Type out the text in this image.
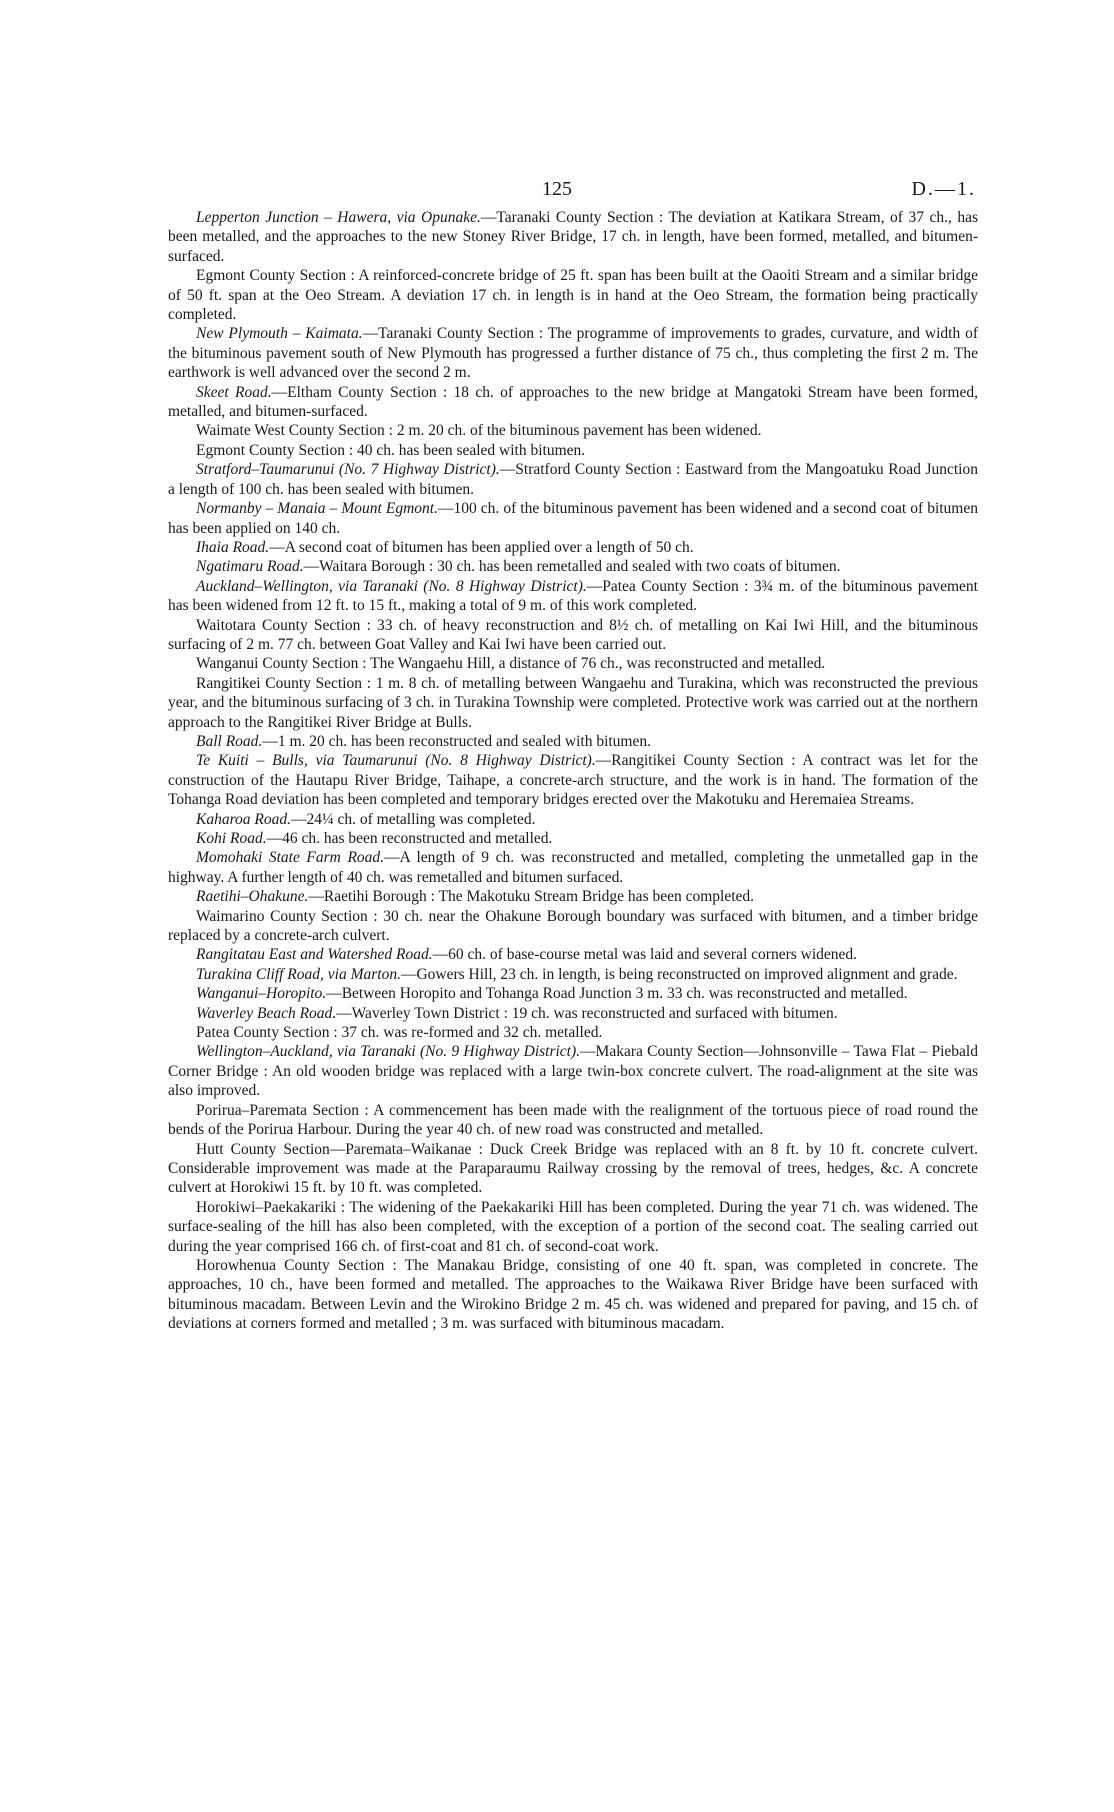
125	D.—1.

Lepperton Junction – Hawera, via Opunake.—Taranaki County Section : The deviation at Katikara Stream, of 37 ch., has been metalled, and the approaches to the new Stoney River Bridge, 17 ch. in length, have been formed, metalled, and bitumen-surfaced.

Egmont County Section : A reinforced-concrete bridge of 25 ft. span has been built at the Oaoiti Stream and a similar bridge of 50 ft. span at the Oeo Stream. A deviation 17 ch. in length is in hand at the Oeo Stream, the formation being practically completed.

New Plymouth – Kaimata.—Taranaki County Section : The programme of improvements to grades, curvature, and width of the bituminous pavement south of New Plymouth has progressed a further distance of 75 ch., thus completing the first 2 m. The earthwork is well advanced over the second 2 m.

Skeet Road.—Eltham County Section : 18 ch. of approaches to the new bridge at Mangatoki Stream have been formed, metalled, and bitumen-surfaced.

Waimate West County Section : 2 m. 20 ch. of the bituminous pavement has been widened.

Egmont County Section : 40 ch. has been sealed with bitumen.

Stratford–Taumarunui (No. 7 Highway District).—Stratford County Section : Eastward from the Mangoatuku Road Junction a length of 100 ch. has been sealed with bitumen.

Normanby – Manaia – Mount Egmont.—100 ch. of the bituminous pavement has been widened and a second coat of bitumen has been applied on 140 ch.

Ihaia Road.—A second coat of bitumen has been applied over a length of 50 ch.

Ngatimaru Road.—Waitara Borough : 30 ch. has been remetalled and sealed with two coats of bitumen.

Auckland–Wellington, via Taranaki (No. 8 Highway District).—Patea County Section : 3¾ m. of the bituminous pavement has been widened from 12 ft. to 15 ft., making a total of 9 m. of this work completed.

Waitotara County Section : 33 ch. of heavy reconstruction and 8½ ch. of metalling on Kai Iwi Hill, and the bituminous surfacing of 2 m. 77 ch. between Goat Valley and Kai Iwi have been carried out.

Wanganui County Section : The Wangaehu Hill, a distance of 76 ch., was reconstructed and metalled.

Rangitikei County Section : 1 m. 8 ch. of metalling between Wangaehu and Turakina, which was reconstructed the previous year, and the bituminous surfacing of 3 ch. in Turakina Township were completed. Protective work was carried out at the northern approach to the Rangitikei River Bridge at Bulls.

Ball Road.—1 m. 20 ch. has been reconstructed and sealed with bitumen.

Te Kuiti – Bulls, via Taumarunui (No. 8 Highway District).—Rangitikei County Section : A contract was let for the construction of the Hautapu River Bridge, Taihape, a concrete-arch structure, and the work is in hand. The formation of the Tohanga Road deviation has been completed and temporary bridges erected over the Makotuku and Heremaiea Streams.

Kaharoa Road.—24¼ ch. of metalling was completed.

Kohi Road.—46 ch. has been reconstructed and metalled.

Momohaki State Farm Road.—A length of 9 ch. was reconstructed and metalled, completing the unmetalled gap in the highway. A further length of 40 ch. was remetalled and bitumen surfaced.

Raetihi–Ohakune.—Raetihi Borough : The Makotuku Stream Bridge has been completed.

Waimarino County Section : 30 ch. near the Ohakune Borough boundary was surfaced with bitumen, and a timber bridge replaced by a concrete-arch culvert.

Rangitatau East and Watershed Road.—60 ch. of base-course metal was laid and several corners widened.

Turakina Cliff Road, via Marton.—Gowers Hill, 23 ch. in length, is being reconstructed on improved alignment and grade.

Wanganui–Horopito.—Between Horopito and Tohanga Road Junction 3 m. 33 ch. was reconstructed and metalled.

Waverley Beach Road.—Waverley Town District : 19 ch. was reconstructed and surfaced with bitumen.

Patea County Section : 37 ch. was re-formed and 32 ch. metalled.

Wellington–Auckland, via Taranaki (No. 9 Highway District).—Makara County Section—Johnsonville – Tawa Flat – Piebald Corner Bridge : An old wooden bridge was replaced with a large twin-box concrete culvert. The road-alignment at the site was also improved.

Porirua–Paremata Section : A commencement has been made with the realignment of the tortuous piece of road round the bends of the Porirua Harbour. During the year 40 ch. of new road was constructed and metalled.

Hutt County Section—Paremata–Waikanae : Duck Creek Bridge was replaced with an 8 ft. by 10 ft. concrete culvert. Considerable improvement was made at the Paraparaumu Railway crossing by the removal of trees, hedges, &c. A concrete culvert at Horokiwi 15 ft. by 10 ft. was completed.

Horokiwi–Paekakariki : The widening of the Paekakariki Hill has been completed. During the year 71 ch. was widened. The surface-sealing of the hill has also been completed, with the exception of a portion of the second coat. The sealing carried out during the year comprised 166 ch. of first-coat and 81 ch. of second-coat work.

Horowhenua County Section : The Manakau Bridge, consisting of one 40 ft. span, was completed in concrete. The approaches, 10 ch., have been formed and metalled. The approaches to the Waikawa River Bridge have been surfaced with bituminous macadam. Between Levin and the Wirokino Bridge 2 m. 45 ch. was widened and prepared for paving, and 15 ch. of deviations at corners formed and metalled ; 3 m. was surfaced with bituminous macadam.
